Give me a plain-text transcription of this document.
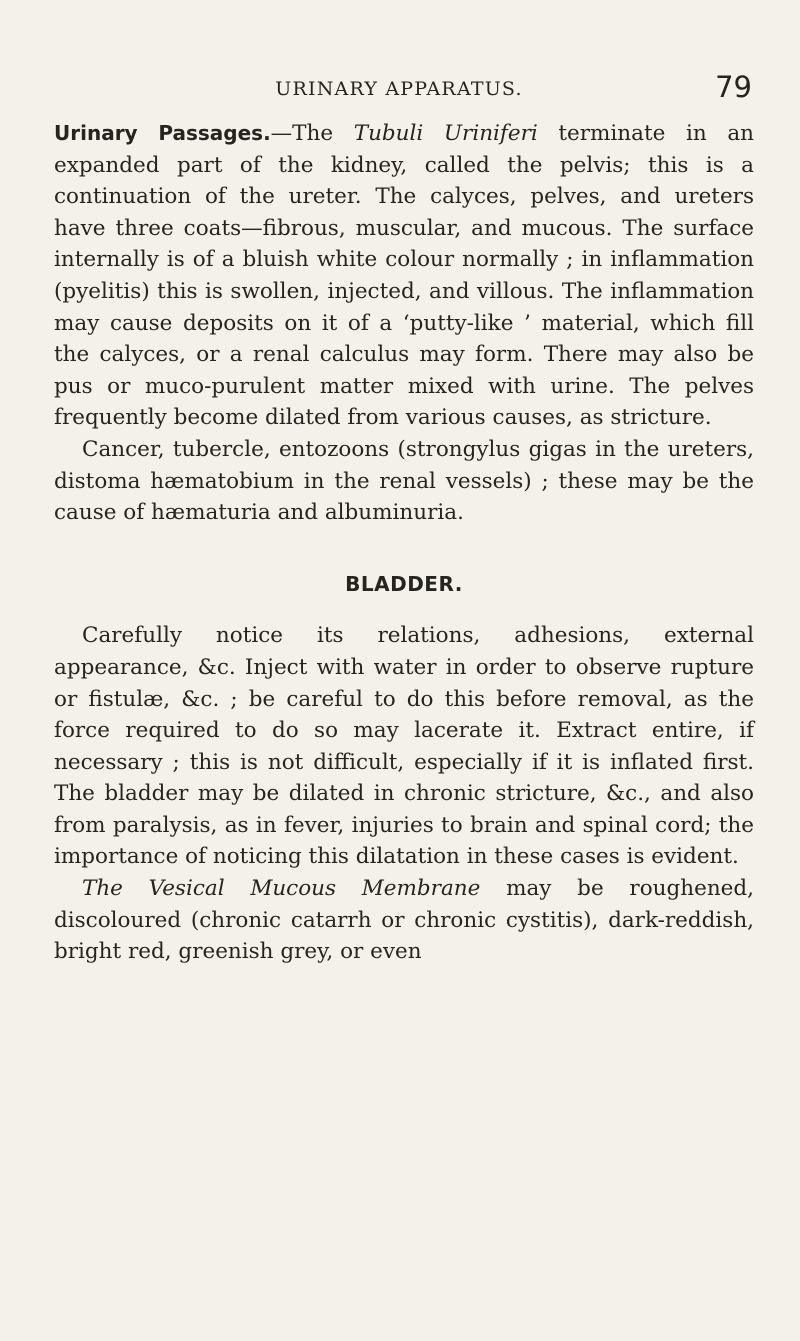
URINARY APPARATUS.	79

Urinary Passages.—The Tubuli Uriniferi terminate in an expanded part of the kidney, called the pelvis; this is a continuation of the ureter. The calyces, pelves, and ureters have three coats—fibrous, muscular, and mucous. The surface internally is of a bluish white colour normally ; in inflammation (pyelitis) this is swollen, injected, and villous. The inflammation may cause deposits on it of a ‘putty-like ’ material, which fill the calyces, or a renal calculus may form. There may also be pus or muco-purulent matter mixed with urine. The pelves frequently become dilated from various causes, as stricture.

Cancer, tubercle, entozoons (strongylus gigas in the ureters, distoma hæmatobium in the renal vessels) ; these may be the cause of hæmaturia and albuminuria.

BLADDER.

Carefully notice its relations, adhesions, external appearance, &c. Inject with water in order to observe rupture or fistulæ, &c. ; be careful to do this before removal, as the force required to do so may lacerate it. Extract entire, if necessary ; this is not difficult, especially if it is inflated first. The bladder may be dilated in chronic stricture, &c., and also from paralysis, as in fever, injuries to brain and spinal cord; the importance of noticing this dilatation in these cases is evident.

The Vesical Mucous Membrane may be roughened, discoloured (chronic catarrh or chronic cystitis), dark-reddish, bright red, greenish grey, or even
